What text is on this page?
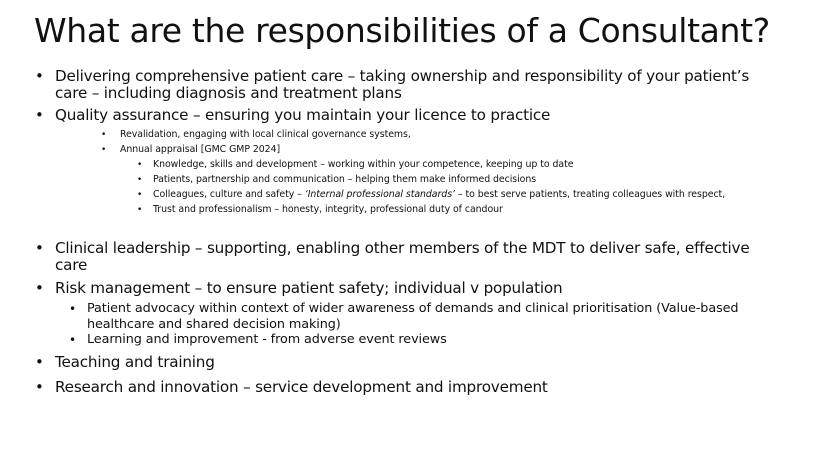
What are the responsibilities of a Consultant?
• Delivering comprehensive patient care – taking ownership and responsibility of your patient’s
care – including diagnosis and treatment plans
• Quality assurance – ensuring you maintain your licence to practice
• Revalidation, engaging with local clinical governance systems,
• Annual appraisal [GMC GMP 2024]
• Knowledge, skills and development – working within your competence, keeping up to date
• Patients, partnership and communication – helping them make informed decisions
• Colleagues, culture and safety – ‘Internal professional standards’ – to best serve patients, treating colleagues with respect,
• Trust and professionalism – honesty, integrity, professional duty of candour
• Clinical leadership – supporting, enabling other members of the MDT to deliver safe, effective
care
• Risk management – to ensure patient safety; individual v population
• Patient advocacy within context of wider awareness of demands and clinical prioritisation (Value-based
healthcare and shared decision making)
• Learning and improvement - from adverse event reviews
• Teaching and training
• Research and innovation – service development and improvement
